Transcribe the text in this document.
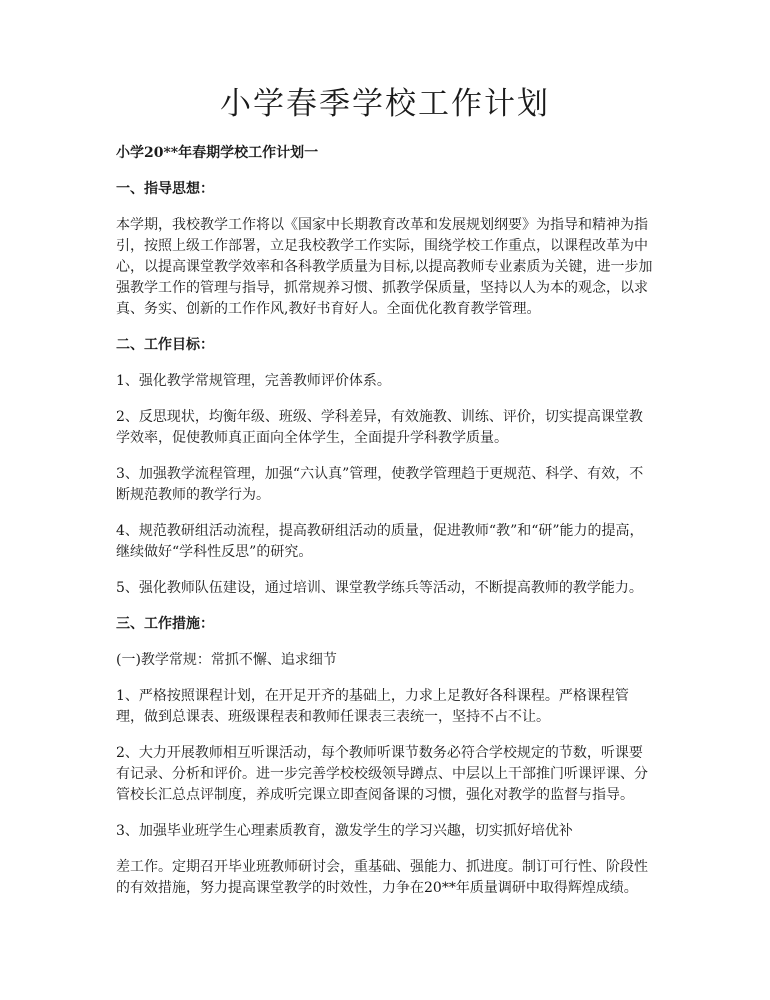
小学春季学校工作计划

小学20**年春期学校工作计划一

一、指导思想：

本学期，我校教学工作将以《国家中长期教育改革和发展规划纲要》为指导和精神为指引，按照上级工作部署，立足我校教学工作实际，围绕学校工作重点，以课程改革为中心，以提高课堂教学效率和各科教学质量为目标,以提高教师专业素质为关键，进一步加强教学工作的管理与指导，抓常规养习惯、抓教学保质量，坚持以人为本的观念，以求真、务实、创新的工作作风,教好书育好人。全面优化教育教学管理。

二、工作目标：

1、强化教学常规管理，完善教师评价体系。

2、反思现状，均衡年级、班级、学科差异，有效施教、训练、评价，切实提高课堂教学效率，促使教师真正面向全体学生，全面提升学科教学质量。

3、加强教学流程管理，加强“六认真”管理，使教学管理趋于更规范、科学、有效，不断规范教师的教学行为。

4、规范教研组活动流程，提高教研组活动的质量，促进教师“教”和“研”能力的提高，继续做好“学科性反思”的研究。

5、强化教师队伍建设，通过培训、课堂教学练兵等活动，不断提高教师的教学能力。

三、工作措施：

(一)教学常规：常抓不懈、追求细节

1、严格按照课程计划，在开足开齐的基础上，力求上足教好各科课程。严格课程管理，做到总课表、班级课程表和教师任课表三表统一，坚持不占不让。

2、大力开展教师相互听课活动，每个教师听课节数务必符合学校规定的节数，听课要有记录、分析和评价。进一步完善学校校级领导蹲点、中层以上干部推门听课评课、分管校长汇总点评制度，养成听完课立即查阅备课的习惯，强化对教学的监督与指导。

3、加强毕业班学生心理素质教育，激发学生的学习兴趣，切实抓好培优补

差工作。定期召开毕业班教师研讨会，重基础、强能力、抓进度。制订可行性、阶段性的有效措施，努力提高课堂教学的时效性，力争在20**年质量调研中取得辉煌成绩。
